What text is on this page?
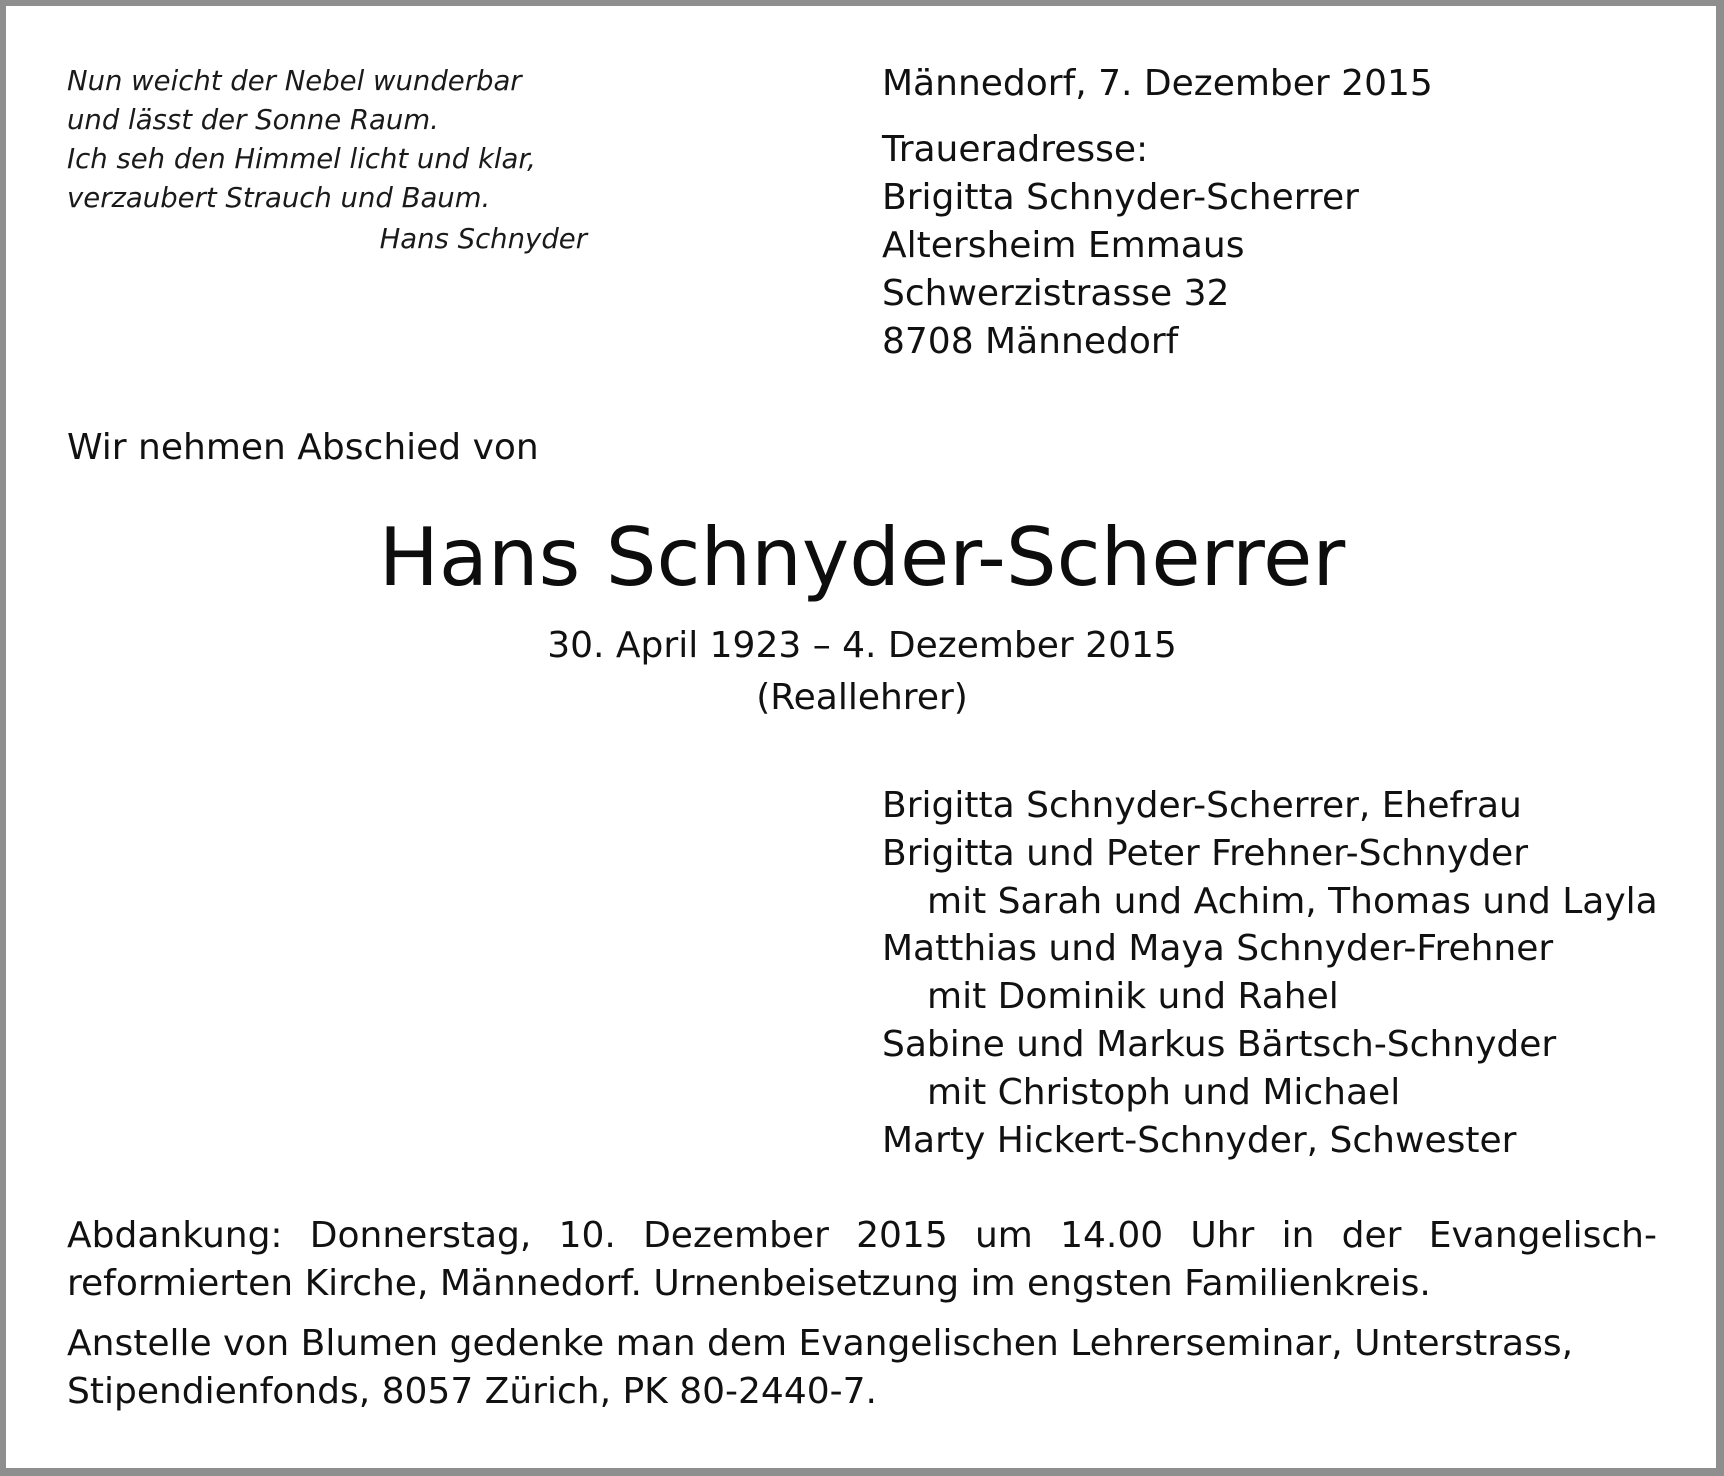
Nun weicht der Nebel wunderbar
und lässt der Sonne Raum.
Ich seh den Himmel licht und klar,
verzaubert Strauch und Baum.
Hans Schnyder
Männedorf, 7. Dezember 2015
Traueradresse:
Brigitta Schnyder-Scherrer
Altersheim Emmaus
Schwerzistrasse 32
8708 Männedorf
Wir nehmen Abschied von
Hans Schnyder-Scherrer
30. April 1923 – 4. Dezember 2015
(Reallehrer)
Brigitta Schnyder-Scherrer, Ehefrau
Brigitta und Peter Frehner-Schnyder
mit Sarah und Achim, Thomas und Layla
Matthias und Maya Schnyder-Frehner
mit Dominik und Rahel
Sabine und Markus Bärtsch-Schnyder
mit Christoph und Michael
Marty Hickert-Schnyder, Schwester
Abdankung: Donnerstag, 10. Dezember 2015 um 14.00 Uhr in der Evangelisch-
reformierten Kirche, Männedorf. Urnenbeisetzung im engsten Familienkreis.
Anstelle von Blumen gedenke man dem Evangelischen Lehrerseminar, Unterstrass,
Stipendienfonds, 8057 Zürich, PK 80-2440-7.
